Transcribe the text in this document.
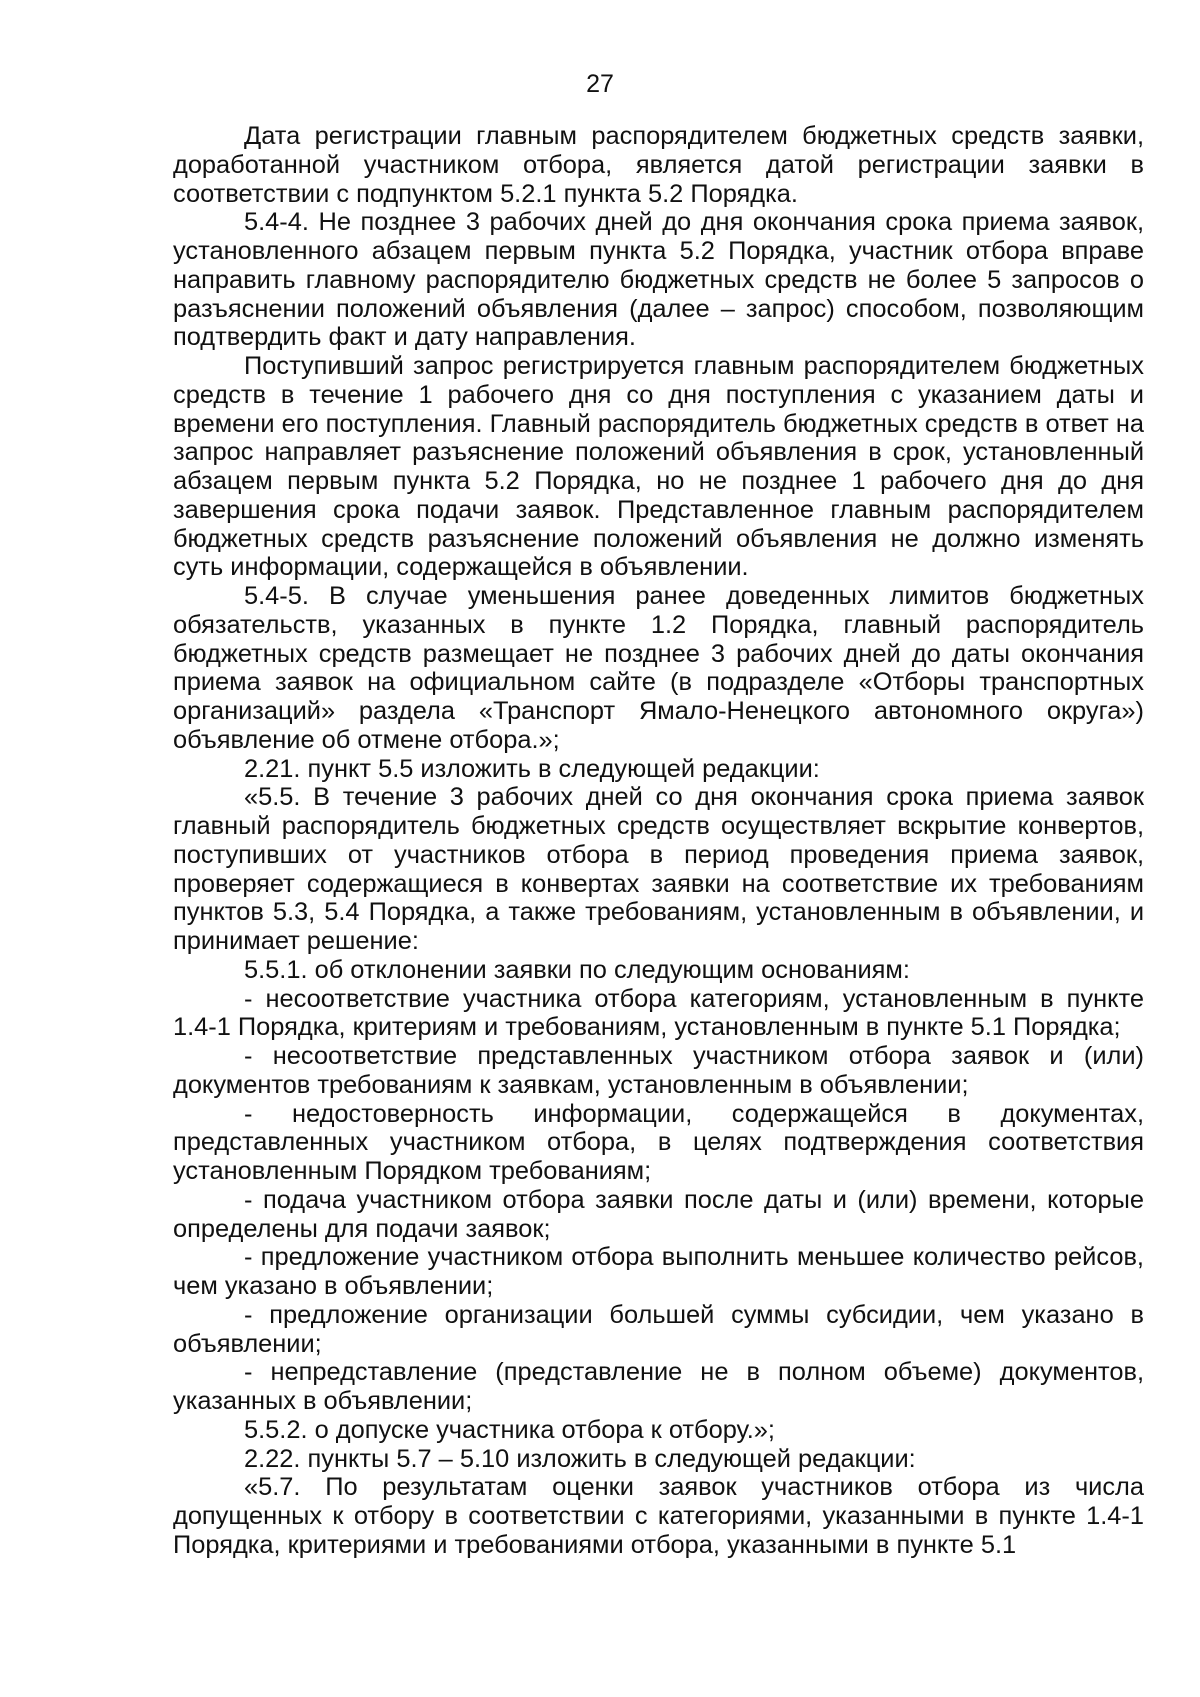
27

Дата регистрации главным распорядителем бюджетных средств заявки, доработанной участником отбора, является датой регистрации заявки в соответствии с подпунктом 5.2.1 пункта 5.2 Порядка.

5.4-4. Не позднее 3 рабочих дней до дня окончания срока приема заявок, установленного абзацем первым пункта 5.2 Порядка, участник отбора вправе направить главному распорядителю бюджетных средств не более 5 запросов о разъяснении положений объявления (далее – запрос) способом, позволяющим подтвердить факт и дату направления.

Поступивший запрос регистрируется главным распорядителем бюджетных средств в течение 1 рабочего дня со дня поступления с указанием даты и времени его поступления. Главный распорядитель бюджетных средств в ответ на запрос направляет разъяснение положений объявления в срок, установленный абзацем первым пункта 5.2 Порядка, но не позднее 1 рабочего дня до дня завершения срока подачи заявок. Представленное главным распорядителем бюджетных средств разъяснение положений объявления не должно изменять суть информации, содержащейся в объявлении.

5.4-5. В случае уменьшения ранее доведенных лимитов бюджетных обязательств, указанных в пункте 1.2 Порядка, главный распорядитель бюджетных средств размещает не позднее 3 рабочих дней до даты окончания приема заявок на официальном сайте (в подразделе «Отборы транспортных организаций» раздела «Транспорт Ямало-Ненецкого автономного округа») объявление об отмене отбора.»;

2.21. пункт 5.5 изложить в следующей редакции:

«5.5. В течение 3 рабочих дней со дня окончания срока приема заявок главный распорядитель бюджетных средств осуществляет вскрытие конвертов, поступивших от участников отбора в период проведения приема заявок, проверяет содержащиеся в конвертах заявки на соответствие их требованиям пунктов 5.3, 5.4 Порядка, а также требованиям, установленным в объявлении, и принимает решение:

5.5.1. об отклонении заявки по следующим основаниям:

- несоответствие участника отбора категориям, установленным в пункте 1.4-1 Порядка, критериям и требованиям, установленным в пункте 5.1 Порядка;

- несоответствие представленных участником отбора заявок и (или) документов требованиям к заявкам, установленным в объявлении;

- недостоверность информации, содержащейся в документах, представленных участником отбора, в целях подтверждения соответствия установленным Порядком требованиям;

- подача участником отбора заявки после даты и (или) времени, которые определены для подачи заявок;

- предложение участником отбора выполнить меньшее количество рейсов, чем указано в объявлении;

- предложение организации большей суммы субсидии, чем указано в объявлении;

- непредставление (представление не в полном объеме) документов, указанных в объявлении;

5.5.2. о допуске участника отбора к отбору.»;

2.22. пункты 5.7 – 5.10 изложить в следующей редакции:

«5.7. По результатам оценки заявок участников отбора из числа допущенных к отбору в соответствии с категориями, указанными в пункте 1.4-1 Порядка, критериями и требованиями отбора, указанными в пункте 5.1
